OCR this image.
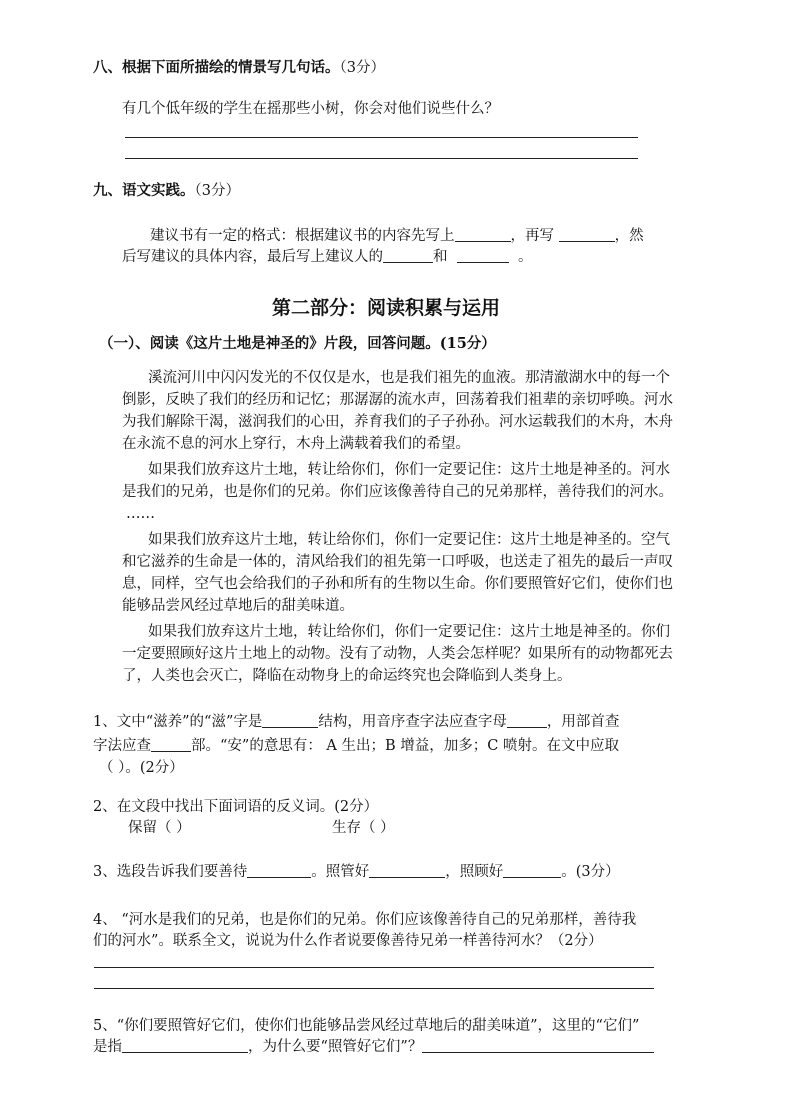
八、根据下面所描绘的情景写几句话。（3分）
有几个低年级的学生在摇那些小树，你会对他们说些什么？
九、语文实践。（3分）
建议书有一定的格式：根据建议书的内容先写上	，再写	，然
后写建议的具体内容，最后写上建议人的	和	。
第二部分：阅读积累与运用
（一）、阅读《这片土地是神圣的》片段，回答问题。(15分）
溪流河川中闪闪发光的不仅仅是水，也是我们祖先的血液。那清澈湖水中的每一个
倒影，反映了我们的经历和记忆；那潺潺的流水声，回荡着我们祖辈的亲切呼唤。河水
为我们解除干渴，滋润我们的心田，养育我们的子子孙孙。河水运载我们的木舟，木舟
在永流不息的河水上穿行，木舟上满载着我们的希望。
如果我们放弃这片土地，转让给你们，你们一定要记住：这片土地是神圣的。河水
是我们的兄弟，也是你们的兄弟。你们应该像善待自己的兄弟那样，善待我们的河水。
……
如果我们放弃这片土地，转让给你们，你们一定要记住：这片土地是神圣的。空气
和它滋养的生命是一体的，清风给我们的祖先第一口呼吸，也送走了祖先的最后一声叹
息，同样，空气也会给我们的子孙和所有的生物以生命。你们要照管好它们，使你们也
能够品尝风经过草地后的甜美味道。
如果我们放弃这片土地，转让给你们，你们一定要记住：这片土地是神圣的。你们
一定要照顾好这片土地上的动物。没有了动物，人类会怎样呢？如果所有的动物都死去
了，人类也会灭亡，降临在动物身上的命运终究也会降临到人类身上。
1、文中“滋养”的“滋”字是	结构，用音序查字法应查字母	，用部首查
字法应查	部。“安”的意思有： A 生出；B 增益，加多；C 喷射。在文中应取
（ ）。(2分）
2、在文段中找出下面词语的反义词。(2分）
保留（ ）	生存（ ）
3、选段告诉我们要善待	。照管好	，照顾好	。(3分）
4、 “河水是我们的兄弟，也是你们的兄弟。你们应该像善待自己的兄弟那样，善待我
们的河水”。联系全文，说说为什么作者说要像善待兄弟一样善待河水？（2分）
5、“你们要照管好它们，使你们也能够品尝风经过草地后的甜美味道”，这里的“它们”
是指	，为什么要“照管好它们”？
